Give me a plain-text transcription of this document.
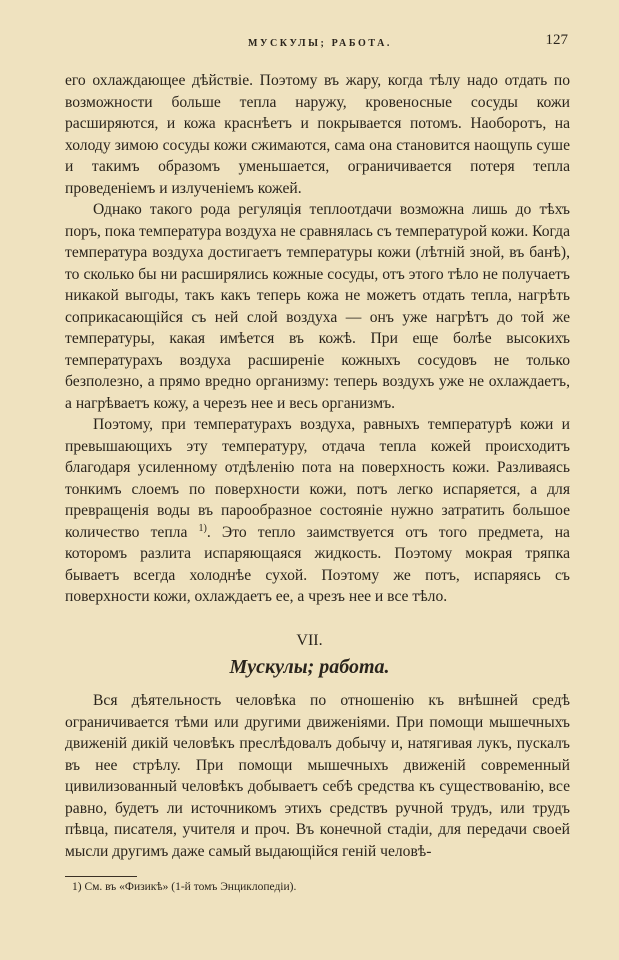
МУСКУЛЫ; РАБОТА.	127

его охлаждающее дѣйствіе. Поэтому въ жару, когда тѣлу надо отдать по возможности больше тепла наружу, кровеносные сосуды кожи расширяются, и кожа краснѣетъ и покрывается потомъ. Наоборотъ, на холоду зимою сосуды кожи сжимаются, сама она становится наощупь суше и такимъ образомъ уменьшается, ограничивается потеря тепла проведеніемъ и излученіемъ кожей.

Однако такого рода регуляція теплоотдачи возможна лишь до тѣхъ поръ, пока температура воздуха не сравнялась съ температурой кожи. Когда температура воздуха достигаетъ температуры кожи (лѣтній зной, въ банѣ), то сколько бы ни расширялись кожные сосуды, отъ этого тѣло не получаетъ никакой выгоды, такъ какъ теперь кожа не можетъ отдать тепла, нагрѣть соприкасающійся съ ней слой воздуха — онъ уже нагрѣтъ до той же температуры, какая имѣется въ кожѣ. При еще болѣе высокихъ температурахъ воздуха расширеніе кожныхъ сосудовъ не только безполезно, а прямо вредно организму: теперь воздухъ уже не охлаждаетъ, а нагрѣваетъ кожу, а черезъ нее и весь организмъ.

Поэтому, при температурахъ воздуха, равныхъ температурѣ кожи и превышающихъ эту температуру, отдача тепла кожей происходитъ благодаря усиленному отдѣленію пота на поверхность кожи. Разливаясь тонкимъ слоемъ по поверхности кожи, потъ легко испаряется, а для превращенія воды въ парообразное состояніе нужно затратить большое количество тепла $^{1)}$. Это тепло заимствуется отъ того предмета, на которомъ разлита испаряющаяся жидкость. Поэтому мокрая тряпка бываетъ всегда холоднѣе сухой. Поэтому же потъ, испаряясь съ поверхности кожи, охлаждаетъ ее, а чрезъ нее и все тѣло.

VII.
Мускулы; работа.

Вся дѣятельность человѣка по отношенію къ внѣшней средѣ ограничивается тѣми или другими движеніями. При помощи мышечныхъ движеній дикій человѣкъ преслѣдовалъ добычу и, натягивая лукъ, пускалъ въ нее стрѣлу. При помощи мышечныхъ движеній современный цивилизованный человѣкъ добываетъ себѣ средства къ существованію, все равно, будетъ ли источникомъ этихъ средствъ ручной трудъ, или трудъ пѣвца, писателя, учителя и проч. Въ конечной стадіи, для передачи своей мысли другимъ даже самый выдающійся геній человѣ-

1) См. въ «Физикѣ» (1-й томъ Энциклопедіи).
